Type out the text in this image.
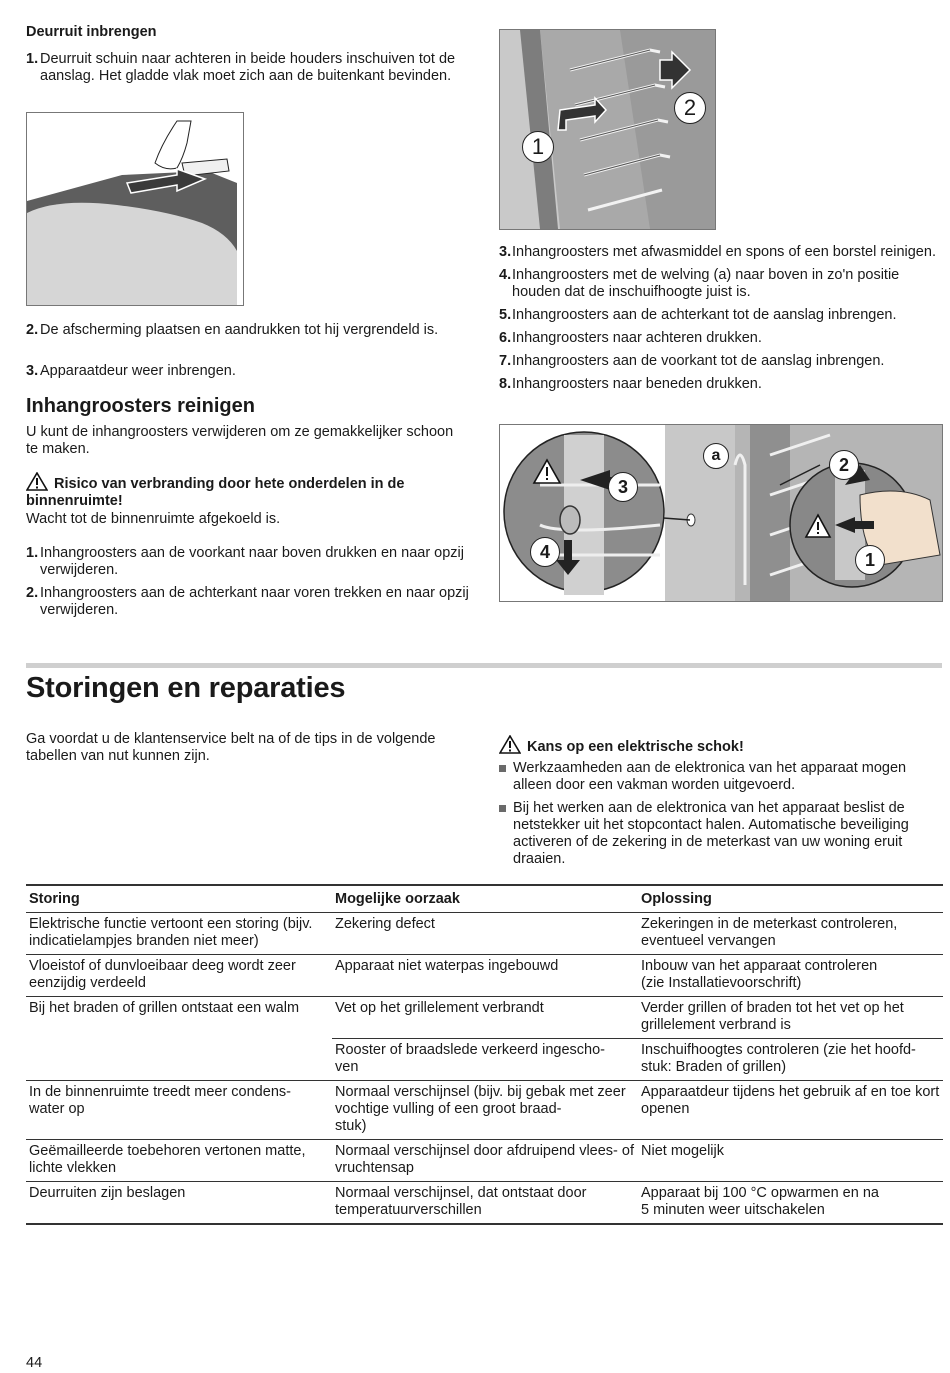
Deurruit inbrengen
1. Deurruit schuin naar achteren in beide houders inschuiven tot de aanslag. Het gladde vlak moet zich aan de buitenkant bevinden.
2. De afscherming plaatsen en aandrukken tot hij vergrendeld is.
3. Apparaatdeur weer inbrengen.
Inhangroosters reinigen
U kunt de inhangroosters verwijderen om ze gemakkelijker schoon te maken.
Risico van verbranding door hete onderdelen in de binnenruimte!
Wacht tot de binnenruimte afgekoeld is.
1. Inhangroosters aan de voorkant naar boven drukken en naar opzij verwijderen.
2. Inhangroosters aan de achterkant naar voren trekken en naar opzij verwijderen.
1
2
3. Inhangroosters met afwasmiddel en spons of een borstel reinigen.
4. Inhangroosters met de welving (a) naar boven in zo'n positie houden dat de inschuifhoogte juist is.
5. Inhangroosters aan de achterkant tot de aanslag inbrengen.
6. Inhangroosters naar achteren drukken.
7. Inhangroosters aan de voorkant tot de aanslag inbrengen.
8. Inhangroosters naar beneden drukken.
a
3
4
2
1
Storingen en reparaties
Ga voordat u de klantenservice belt na of de tips in de volgende tabellen van nut kunnen zijn.
Kans op een elektrische schok!
Werkzaamheden aan de elektronica van het apparaat mogen alleen door een vakman worden uitgevoerd.
Bij het werken aan de elektronica van het apparaat beslist de netstekker uit het stopcontact halen. Automatische beveiliging activeren of de zekering in de meterkast van uw woning eruit draaien.
Storing	Mogelijke oorzaak	Oplossing
Elektrische functie vertoont een storing (bijv. indicatielampjes branden niet meer)	Zekering defect	Zekeringen in de meterkast controleren, eventueel vervangen
Vloeistof of dunvloeibaar deeg wordt zeer eenzijdig verdeeld	Apparaat niet waterpas ingebouwd	Inbouw van het apparaat controleren
(zie Installatievoorschrift)
Bij het braden of grillen ontstaat een walm	Vet op het grillelement verbrandt	Verder grillen of braden tot het vet op het grillelement verbrand is
	Rooster of braadslede verkeerd ingescho-
ven	Inschuifhoogtes controleren (zie het hoofd-
stuk: Braden of grillen)
In de binnenruimte treedt meer condens-
water op	Normaal verschijnsel (bijv. bij gebak met zeer vochtige vulling of een groot braad-
stuk)	Apparaatdeur tijdens het gebruik af en toe kort openen
Geëmailleerde toebehoren vertonen matte, lichte vlekken	Normaal verschijnsel door afdruipend vlees- of vruchtensap	Niet mogelijk
Deurruiten zijn beslagen	Normaal verschijnsel, dat ontstaat door temperatuurverschillen	Apparaat bij 100 °C opwarmen en na
5 minuten weer uitschakelen
44
